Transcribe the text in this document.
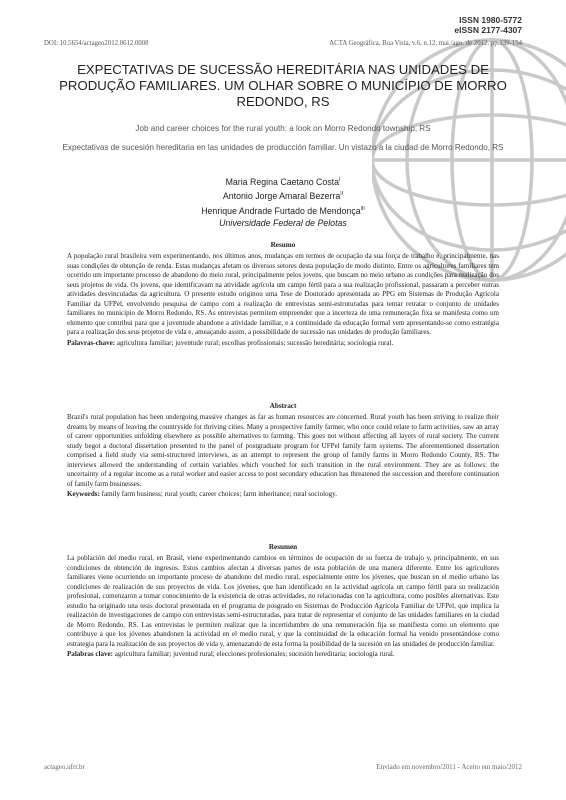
ISSN 1980-5772
eISSN 2177-4307
DOI: 10.5654/actageo2012.0612.0008	ACTA Geográfica, Boa Vista, v.6, n.12, mai./ago. de 2012. pp.139-154
EXPECTATIVAS DE SUCESSÃO HEREDITÁRIA NAS UNIDADES DE PRODUÇÃO FAMILIARES. UM OLHAR SOBRE O MUNICÍPIO DE MORRO REDONDO, RS
Job and career choices for the rural youth: a look on Morro Redondo township, RS
Expectativas de sucesión hereditaria en las unidades de producción familiar. Un vistazo a la ciudad de Morro Redondo, RS
Maria Regina Caetano Costa$^I$
Antonio Jorge Amaral Bezerra$^{II}$
Henrique Andrade Furtado de Mendonça$^{III}$
Universidade Federal de Pelotas
Resumo
A população rural brasileira vem experimentando, nos últimos anos, mudanças em termos de ocupação da sua força de trabalho e, principalmente, nas suas condições de obtenção de renda. Estas mudanças afetam os diversos setores desta população de modo distinto. Entre os agricultores familiares tem ocorrido um importante processo de abandono do meio rural, principalmente pelos jovens, que buscam no meio urbano as condições para realização dos seus projetos de vida. Os jovens, que identificavam na atividade agrícola um campo fértil para a sua realização profissional, passaram a perceber outras atividades desvinculadas da agricultura. O presente estudo originou uma Tese de Doutorado apresentada ao PPG em Sistemas de Produção Agrícola Familiar da UFPel, envolvendo pesquisa de campo com a realização de entrevistas semi-estruturadas para tentar retratar o conjunto de unidades familiares no município de Morro Redondo, RS. As entrevistas permitem empreender que a incerteza de uma remuneração fixa se manifesta como um elemento que contribui para que a juventude abandone a atividade familiar, e a continuidade da educação formal vem apresentando-se como estratégia para a realização dos seus projetos de vida e, ameaçando assim, a possibilidade de sucessão nas unidades de produção familiares.
Palavras-chave: agricultura familiar; juventude rural; escolhas profissionais; sucessão hereditária; sociologia rural.
Abstract
Brazil's rural population has been undergoing massive changes as far as human resources are concerned. Rural youth has been striving to realize their dreams by means of leaving the countryside for thriving cities. Many a prospective family farmer, who once could relate to farm activities, saw an array of career opportunities unfolding elsewhere as possible alternatives to farming. This goes not without affecting all layers of rural society. The current study begot a doctoral dissertation presented to the panel of postgraduate program for UFPel family farm systems. The aforementioned dissertation comprised a field study via semi-structured interviews, as an attempt to represent the group of family farms in Morro Redondo County, RS. The interviews allowed the understanding of certain variables which vouched for such transition in the rural environment. They are as follows: the uncertainty of a regular income as a rural worker and easier access to post secondary education has threatened the succession and therefore continuation of family farm businesses.
Keywords: family farm business; rural youth; career choices; farm inheritance; rural sociology.
Resumen
La población del medio rural, en Brasil, viene experimentando cambios en términos de ocupación de su fuerza de trabajo y, principalmente, en sus condiciones de obtención de ingresos. Estos cambios afectan a diversas partes de esta población de una manera diferente. Entre los agricultores familiares viene ocurriendo un importante proceso de abandono del medio rural, especialmente entre los jóvenes, que buscan en el medio urbano las condiciones de realización de sus proyectos de vida. Los jóvenes, que han identificado en la actividad agrícola un campo fértil para su realización profesional, comenzaron a tomar conocimiento de la existencia de otras actividades, no relacionadas con la agricultura, como posibles alternativas. Este estudio ha originado una tesis doctoral presentada en el programa de posgrado en Sistemas de Producción Agrícola Familiar de UFPel, que implica la realización de investigaciones de campo con entrevistas semi-estructuradas, para tratar de representar el conjunto de las unidades familiares en la ciudad de Morro Redondo, RS. Las entrevistas le permiten realizar que la incertidumbre de una remuneración fija se manifiesta como un elemento que contribuye a que los jóvenes abandonen la actividad en el medio rural, y que la continuidad de la educación formal ha venido presentándose como estrategia para la realización de sus proyectos de vida y, amenazando de esta forma la posibilidad de la sucesión en las unidades de producción familiar.
Palabras clave: agricultura familiar; juventud rural; elecciones profesionales; sucesión hereditaria; sociología rural.
actageo.ufrr.br	Enviado em novembro/2011 - Aceito em maio/2012
